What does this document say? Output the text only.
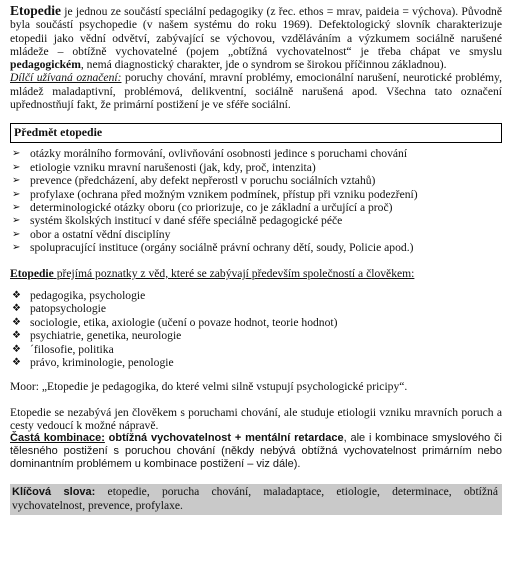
Etopedie je jednou ze součástí speciální pedagogiky (z řec. ethos = mrav, paideia = výchova). Původně byla součástí psychopedie (v našem systému do roku 1969). Defektologický slovník charakterizuje etopedii jako vědní odvětví, zabývající se výchovou, vzděláváním a výzkumem sociálně narušené mládeže – obtížně vychovatelné (pojem „obtížná vychovatelnost“ je třeba chápat ve smyslu pedagogickém, nemá diagnostický charakter, jde o syndrom se širokou příčinnou základnou).

Dílčí užívaná označení: poruchy chování, mravní problémy, emocionální narušení, neurotické problémy, mládež maladaptivní, problémová, delikventní, sociálně narušená apod. Všechna tato označení upřednostňují fakt, že primární postižení je ve sféře sociální.

Předmět etopedie
➢ otázky morálního formování, ovlivňování osobnosti jedince s poruchami chování
➢ etiologie vzniku mravní narušenosti (jak, kdy, proč, intenzita)
➢ prevence (předcházení, aby defekt nepřerostl v poruchu sociálních vztahů)
➢ profylaxe (ochrana před možným vznikem podmínek, přístup při vzniku podezření)
➢ determinologické otázky oboru (co priorizuje, co je základní a určující a proč)
➢ systém školských institucí v dané sféře speciálně pedagogické péče
➢ obor a ostatní vědní disciplíny
➢ spolupracující instituce (orgány sociálně právní ochrany dětí, soudy, Policie apod.)

Etopedie přejímá poznatky z věd, které se zabývají především společností a člověkem:

❖ pedagogika, psychologie
❖ patopsychologie
❖ sociologie, etika, axiologie (učení o povaze hodnot, teorie hodnot)
❖ psychiatrie, genetika, neurologie
❖ ´filosofie, politika
❖ právo, kriminologie, penologie

Moor: „Etopedie je pedagogika, do které velmi silně vstupují psychologické pricipy“.

Etopedie se nezabývá jen člověkem s poruchami chování, ale studuje etiologii vzniku mravních poruch a cesty vedoucí k možné nápravě.

Častá kombinace: obtížná vychovatelnost + mentální retardace, ale i kombinace smyslového či tělesného postižení s poruchou chování (někdy nebývá obtížná vychovatelnost primárním nebo dominantním problémem u kombinace postižení – viz dále).

Klíčová slova: etopedie, porucha chování, maladaptace, etiologie, determinace, obtížná vychovatelnost, prevence, profylaxe.
